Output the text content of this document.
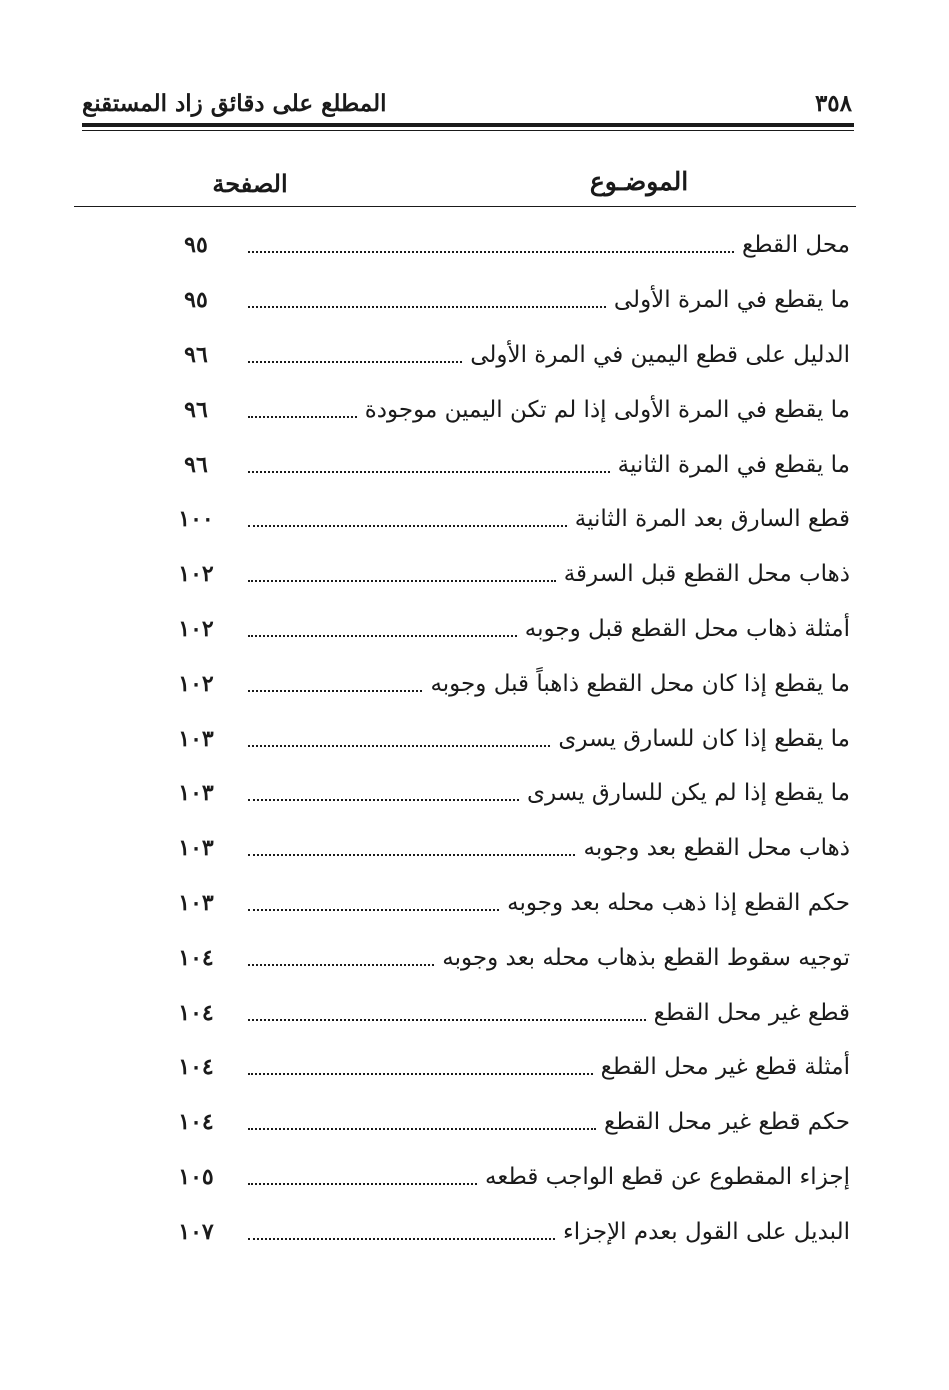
٣٥٨
المطلع على دقائق زاد المستقنع
الموضـوع
الصفحة
محل القطع
٩٥
ما يقطع في المرة الأولى
٩٥
الدليل على قطع اليمين في المرة الأولى
٩٦
ما يقطع في المرة الأولى إذا لم تكن اليمين موجودة
٩٦
ما يقطع في المرة الثانية
٩٦
قطع السارق بعد المرة الثانية
١٠٠
ذهاب محل القطع قبل السرقة
١٠٢
أمثلة ذهاب محل القطع قبل وجوبه
١٠٢
ما يقطع إذا كان محل القطع ذاهباً قبل وجوبه
١٠٢
ما يقطع إذا كان للسارق يسرى
١٠٣
ما يقطع إذا لم يكن للسارق يسرى
١٠٣
ذهاب محل القطع بعد وجوبه
١٠٣
حكم القطع إذا ذهب محله بعد وجوبه
١٠٣
توجيه سقوط القطع بذهاب محله بعد وجوبه
١٠٤
قطع غير محل القطع
١٠٤
أمثلة قطع غير محل القطع
١٠٤
حكم قطع غير محل القطع
١٠٤
إجزاء المقطوع عن قطع الواجب قطعه
١٠٥
البديل على القول بعدم الإجزاء
١٠٧
